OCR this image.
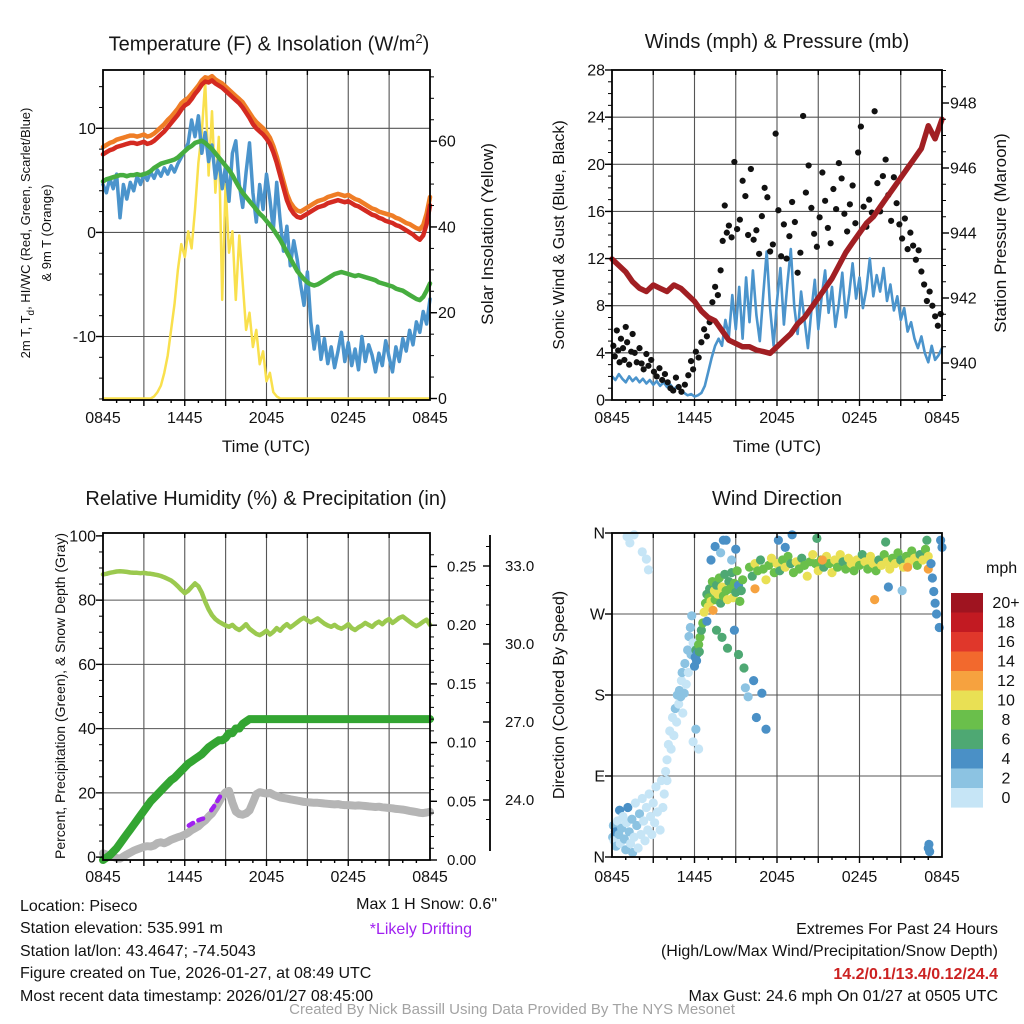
0845	1445	2045	0245	0845
10
0
-10
0
20
40
60
0845	1445	2045	0245	0845
0
4
8
12
16
20
24
28
940
942
944
946
948
0845	1445	2045	0245	0845
0
20
40
60
80
100
0.00
0.05
0.10
0.15
0.20
0.25
24.0
27.0
30.0
33.0
0845	1445	2045	0245	0845
N
W
S
E
N
20+
18
16
14
12
10
8
6
4
2
0
Temperature (F) & Insolation $(W/m^2)$	Winds (mph) & Pressure (mb)
Relative Humidity (%) & Precipitation (in)	Wind Direction
Time (UTC)	Time (UTC)
2m T, $T_d$, HI/WC (Red, Green, Scarlet/Blue) & 9m T (Orange)	Solar Insolation (Yellow)	Sonic Wind & Gust (Blue, Black)	Station Pressure (Maroon)
Percent, Precipitation (Green), & Snow Depth (Gray)	Direction (Colored By Speed)
mph
Location: Piseco
Station elevation: 535.991 m
Station lat/lon: 43.4647; -74.5043
Figure created on Tue, 2026-01-27, at 08:49 UTC
Most recent data timestamp: 2026/01/27 08:45:00
Max 1 H Snow: 0.6"
*Likely Drifting	Extremes For Past 24 Hours
(High/Low/Max Wind/Precipitation/Snow Depth)
14.2/0.1/13.4/0.12/24.4
Max Gust: 24.6 mph On 01/27 at 0505 UTC
Created By Nick Bassill Using Data Provided By The NYS Mesonet
